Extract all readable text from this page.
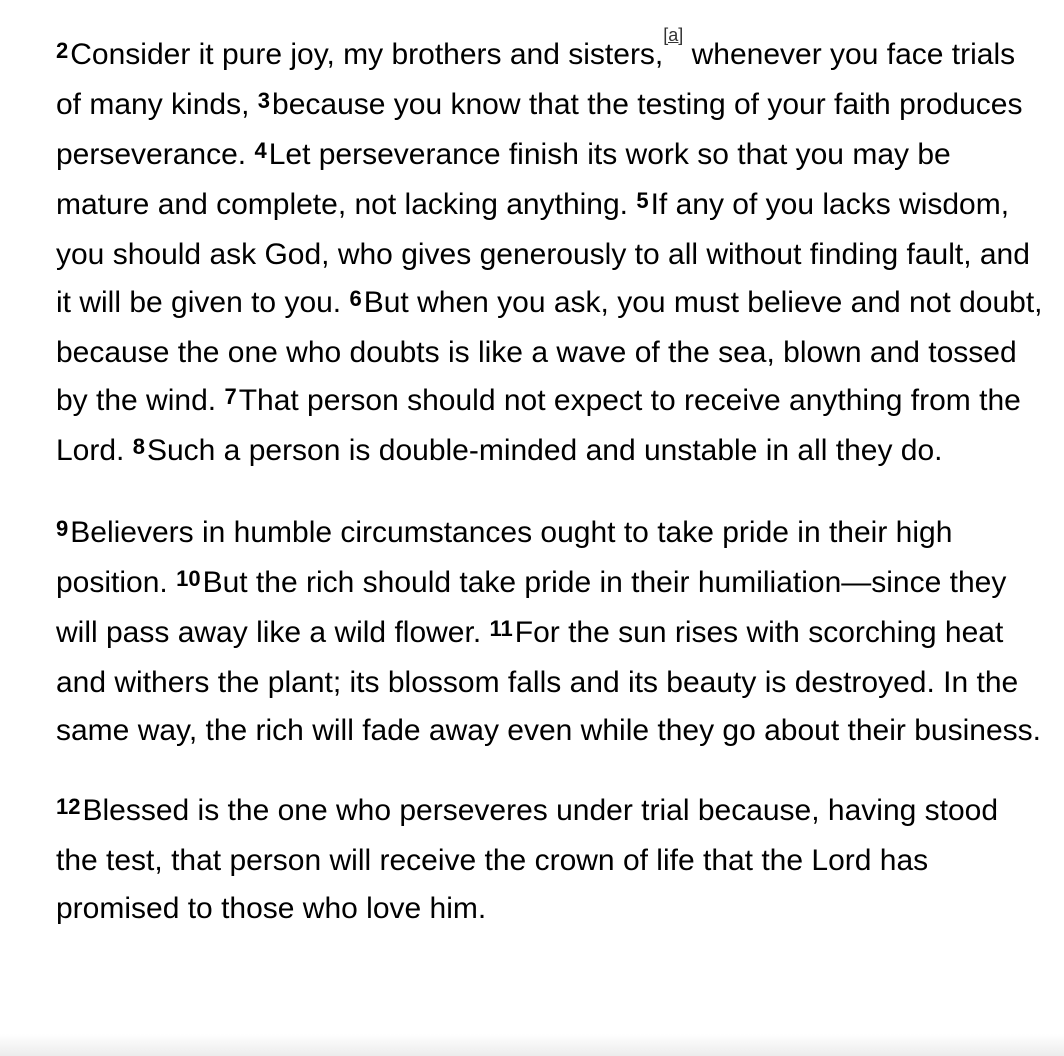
$^2$Consider it pure joy, my brothers and sisters,[a] whenever you face trials of many kinds, $^3$because you know that the testing of your faith produces perseverance. $^4$Let perseverance finish its work so that you may be mature and complete, not lacking anything. $^5$If any of you lacks wisdom, you should ask God, who gives generously to all without finding fault, and it will be given to you. $^6$But when you ask, you must believe and not doubt, because the one who doubts is like a wave of the sea, blown and tossed by the wind. $^7$That person should not expect to receive anything from the Lord. $^8$Such a person is double-minded and unstable in all they do.

$^9$Believers in humble circumstances ought to take pride in their high position. $^{10}$But the rich should take pride in their humiliation—since they will pass away like a wild flower. $^{11}$For the sun rises with scorching heat and withers the plant; its blossom falls and its beauty is destroyed. In the same way, the rich will fade away even while they go about their business.

$^{12}$Blessed is the one who perseveres under trial because, having stood the test, that person will receive the crown of life that the Lord has promised to those who love him.
